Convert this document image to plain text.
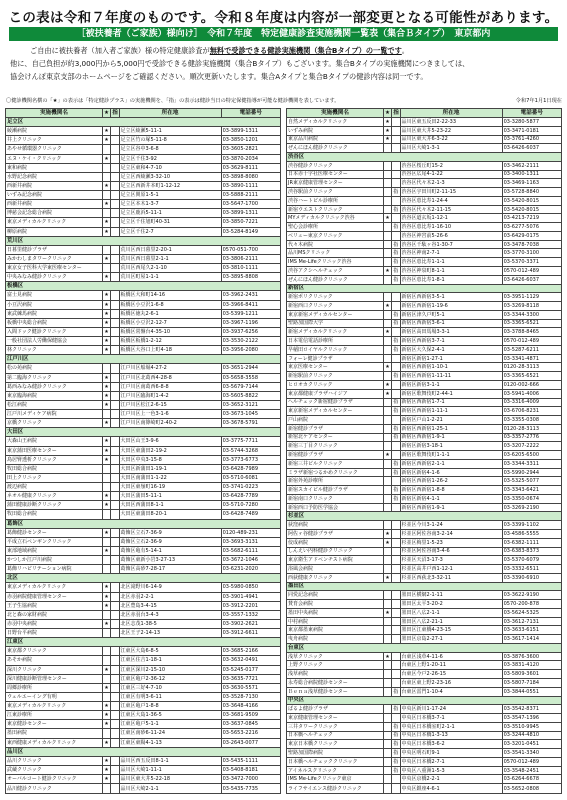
この表は令和７年度のものです。令和８年度は内容が一部変更となる可能性があります。
［被扶養者（ご家族）様向け］　令和７年度　特定健康診査実施機関一覧表（集合Ｂタイプ）　東京都内

ご自由に被扶養者（加入者ご家族）様の特定健康診査が無料で受診できる健診実施機関（集合Bタイプ）の一覧です。

他に、自己負担が約3,000円から5,000円で受診できる健診実施機関（集合Bタイプ）もございます。集合Bタイプの実施機関につきましては、

協会けんぽ東京支部のホームページをご確認ください。順次更新いたします。集合Aタイプと集合Bタイプの健診内容は同一です。

〇健診機関名横の「★」の表示は「特定健診プラス」の実施機関を、「指」の表示は健診当日の特定保健指導が可能な健診機関を表しています。	令和7年1月1日現在
実施機関名	★	指	所在地	電話番号
足立区				
綾瀬病院	★		足立区綾瀬5-11-1	03-3899-1311
井上クリニック	★		足立区竹の塚5-11-8	03-3850-1201
あやせ循環器クリニック			足立区谷中3-6-8	03-3605-2821
エヌ・ケイ・クリニック	★		足立区千住3-92	03-3870-2034
東和病院			足立区東和4-7-10	03-3629-8111
水野記念病院			足立区西綾瀬3-32-10	03-3898-8080
西新井病院	★		足立区西新井本町1-12-12	03-3890-1111
いずみ記念病院			足立区関原1-5-1	03-5888-2111
西新井病院	★		足立区本木1-3-7	03-5647-1700
博慈会記念総合病院			足立区鹿浜5-11-1	03-3899-1311
東京メディカルクリニック	★		足立区千住旭町40-31	03-3850-7221
柳原病院	★		足立区千住2-7	03-5284-8149
荒川区				
日暮里健診プラザ			荒川区西日暮里2-20-1	0570-051-700
みかわしまタワークリニック	★		荒川区西日暮里2-1-1	03-3806-2111
東京女子医科大学東医療センター			荒川区西尾久2-1-10	03-3810-1111
中央みなみ健診クリニック	★		荒川区町屋1-1-1	03-3895-8808
板橋区				
富士見病院	★		板橋区大和町14-16	03-3962-2431
小豆沢病院	★		板橋区小豆沢1-6-8	03-3966-8411
東武練馬病院	★		板橋区徳丸2-6-1	03-5399-1211
板橋中央総合病院	★		板橋区小豆沢2-12-7	03-3967-1196
入間ドック健診クリニック	★		板橋区常盤台4-35-10	03-3937-6256
一般社団法人労働保健協会	★		板橋区板橋1-2-12	03-3530-2122
林クリニック	★		板橋区大谷口上町4-18	03-3956-2080
江戸川区				
松の苑病院			江戸川区船堀4-27-2	03-3651-2944
第二臨海クリニック	★		江戸川区北葛西4-28-8	03-5658-3558
葛西みなみ健診クリニック	★		江戸川区南葛西6-8-8	03-5679-7144
東京臨海病院	★		江戸川区臨海町1-4-2	03-5605-8822
松江病院	★		江戸川区松江2-6-15	03-3652-3121
江戸川メディケア病院			江戸川区上一色3-1-6	03-3673-1045
京橋クリニック	★		江戸川区南篠崎町2-40-2	03-3678-5791
大田区				
大森山王病院	★		大田区山王3-9-6	03-3775-7711
東京蒲田医療センター	★		大田区東蒲田2-19-2	03-5744-3268
鳥居腎透析クリニック	★		大田区中央3-15-8	03-3773-6773
牧田総合病院			大田区新蒲田1-19-1	03-6428-7989
田上クリニック			大田区南蒲田1-1-22	03-5710-6081
渡辺病院			大田区東嶺町16-19	03-3741-0223
ネオル健康クリニック	★		大田区蒲田5-11-1	03-6428-7789
蒲田健康診断クリニック	★		大田区西蒲田8-1-1	03-5710-7280
牧田総合病院			大田区東蒲田8-20-1	03-6428-7489
葛飾区				
葛飾健診センター	★		葛飾区立石7-36-9	0120-489-231
平成立石ペンギンクリニック			葛飾区立石2-36-9	03-3693-3131
東部地域病院	★		葛飾区亀有5-14-1	03-5682-6111
かつしか江戸川病院			葛飾区東新小岩3-27-13	03-3672-1046
葛飾リハビリテーション病院			葛飾区高砂7-28-17	03-6231-2020
北区				
東京メディカルクリニック	★		北区滝野川6-14-9	03-5980-0850
赤羽病院健康管理センター	★		北区赤羽2-2-1	03-3901-4941
王子生協病院	★		北区豊島3-4-15	03-3912-2201
北と森の家財病院			北区赤羽台3-4-3	03-3557-1332
赤羽中央病院	★		北区志茂1-38-5	03-3902-2621
日野台平病院			北区王子2-14-13	03-3912-6611
江東区				
東京都クリニック			江東区大島6-8-5	03-3685-2166
あそか病院			江東区住吉1-18-1	03-3632-0491
深川クリニック	★		江東区深川2-15-10	03-5245-0177
深川健康診断管理センター			江東区亀戸2-36-12	03-3635-7721
周郷診療所	★		江東区三好4-7-10	03-3630-5571
ウェルエーイング有明			江東区有明3-6-11	03-3528-7130
東京メディカルクリニック	★		江東区亀戸1-8-8	03-3648-4166
江東診療所	★		江東区大島1-36-5	03-3681-9509
東京健診センター	★		江東区亀戸5-1-1	03-3637-0845
墨田病院			江東区南砂6-11-24	03-5653-2216
東西健康メディカルクリニック	★		江東区東陽4-1-13	03-2643-0077
品川区				
品川クリニック	★		品川区西五反田8-1-1	03-5435-1111
武蔵クリニック	★		品川区大崎1-11-1	03-5408-8181
オーバルコート健診クリニック	★		品川区東大井5-22-18	03-3472-7000
品川健診クリニック			品川区大崎2-1-1	03-5435-7735
実施機関名	★	指	所在地	電話番号
自然メディカルクリニック	★		品川区東五反田2-22-33	03-3280-5877
いずみ病院	★		品川区東大井5-23-22	03-3471-0181
東京品川病院	★		品川区東大井6-3-22	03-3761-4260
ぜんにほん健診クリニック			品川区大崎1-3-1	03-6426-6037
渋谷区				
渋谷健診クリニック			渋谷区桜丘町15-2	03-3462-2111
日本赤十字社医療センター			渋谷区広尾4-1-22	03-3400-1311
JR東京健康管理センター			渋谷区代々木2-1-3	03-3469-1163
渋谷駅前クリニック		指	渋谷区宇田川町2-11-15	03-5728-8840
渋谷ハートビル診療所			渋谷区恵比寿1-24-4	03-5420-8015
新宿ウエストクリニック		指	渋谷区代々木2-11-15	03-5420-8015
MYメディカルクリニック渋谷	★		渋谷区道玄坂1-12-1	03-4213-7219
聖心会診療所		指	渋谷区恵比寿1-16-10	03-6277-5076
ベリュー東京クリニック			渋谷区神宮前5-26-6	03-6429-0175
代々木病院		指	渋谷区千駄ヶ谷1-30-7	03-3478-7038
品川MSクリニック		指	渋谷区神南2-7-1	03-3770-3100
IMS Me-Lifeクリニック渋谷		指	渋谷区恵比寿1-1-1	03-5370-3371
渋谷アクシヘルチェック	★	指	渋谷区神泉町8-1-1	0570-012-489
ぜんにほん健診クリニック		指	渋谷区恵比寿1-8-1	03-6426-6037
新宿区				
新宿ポリクリニック			新宿区西新宿3-5-1	03-3951-1129
新宿西口クリニック	★		新宿区西新宿1-19-6	03-3269-8118
東京新宿メディカルセンター		指	新宿区津久戸町5-1	03-3344-3300
聖路加国際大学		指	新宿区西新宿3-6-1	03-3365-6521
新宿メディカルクリニック	★		新宿区高田馬場3-3-1	03-3788-8465
日本電信電話診療所		指	新宿区西新宿3-7-1	0570-012-489
早稲田ロイヤルクリニック		指	新宿区大久保2-4-1	03-5287-6211
フォーレ健診プラザ			新宿区新宿1-27-1	03-3341-4871
東京医療センター	★		新宿区西新宿1-10-1	0120-28-3113
新宿駅前クリニック		指	新宿区西新宿1-11-11	03-3365-6521
ヒロオカクリニック	★		新宿区新宿3-1-1	0120-002-666
東京都健康プラザハイジア	★		新宿区歌舞伎町2-44-1	03-5941-4006
へルチェック新宿健診プラザ		指	新宿区西新宿1-7-1	03-3316-4009
東京新宿メディカルセンター		指	新宿区西新宿1-11-1	03-6706-8231
戸山病院			新宿区戸山1-2-21	03-3355-0308
新宿健診プラザ		指	新宿区西新宿1-25-1	0120-28-3113
新宿北ケアセンター		指	新宿区西新宿1-9-1	03-3357-2776
新宿三丁目クリニック			新宿区新宿3-18-1	03-3207-2222
新宿健診プラザ	★		新宿区歌舞伎町1-1-1	03-6205-6500
新宿三井ビルクリニック		指	新宿区西新宿2-1-1	03-3344-3311
ミラザ新宿つるかめクリニック		指	新宿区新宿4-1-6	03-5990-2944
新宿外苑診療所			新宿区西新宿1-26-2	03-5325-5077
新宿スカイビル健診プラザ		指	新宿区西新宿1-8-8	03-3343-6421
新宿南口クリニック		指	新宿区新宿4-1-1	03-3350-0674
新宿西口予防医学協会			新宿区西新宿1-9-1	03-3269-2190
杉並区				
荻窪病院			杉並区今川3-1-24	03-3399-1102
阿佐ヶ谷健診プラザ	★		杉並区阿佐谷南3-2-14	03-4586-5555
佼成病院	★		杉並区梅里1-5-23	03-6382-1111
しんえい内科健診クリニック			杉並区阿佐谷南3-4-6	03-6383-8373
東京衛生アドベンチスト病院			杉並区天沼3-17-3	03-5370-6079
浴風会病院			杉並区高井戸西1-12-1	03-3332-6511
西荻健康クリニック	★		杉並区西荻北3-32-11	03-3390-6910
墨田区				
同愛記念病院			墨田区横網2-1-11	03-3622-9190
賛育会病院			墨田区太平3-20-2	0570-200-878
墨田中央病院	★		墨田区八広2-1-1	03-5624-5325
中村病院			墨田区八広2-21-1	03-3612-7131
東京都墨東病院			墨田区江東橋4-23-15	03-3633-6151
曳舟病院			墨田区京島2-27-1	03-3617-1414
台東区				
浅草クリニック	★		台東区浅草4-11-6	03-3876-3600
上野クリニック			台東区上野1-20-11	03-3831-4120
浅草病院			台東区今戸2-26-15	03-5809-3601
永寿総合病院健診センター			台東区東上野2-23-16	03-5807-7184
Ｂｅｎａ浅草健診センター		指	台東区雷門1-10-4	03-3844-0551
中央区				
ぱるよ健診プラザ		指	中央区新川1-17-24	03-3542-8371
東京健康管理センター			中央区日本橋3-7-1	03-3547-1396
三井タワークリニック		指	中央区日本橋室町2-1-1	03-3510-9945
日本橋ヘルチェック		指	中央区日本橋1-3-13	03-3244-4810
東京日本橋クリニック		指	中央区日本橋3-6-2	03-3201-0451
聖路加国際病院		指	中央区明石町9-1	03-3541-3340
日本橋ヘルチェッククリニック		指	中央区日本橋2-7-1	0570-012-489
アイネルスクリニック		指	中央区八重洲1-5-3	03-3548-2451
IMS Me-Lifeクリニック東京			中央区京橋2-2-1	03-6264-6678
ライフサイエンス健診クリニック			中央区銀座4-6-1	03-5652-0808
